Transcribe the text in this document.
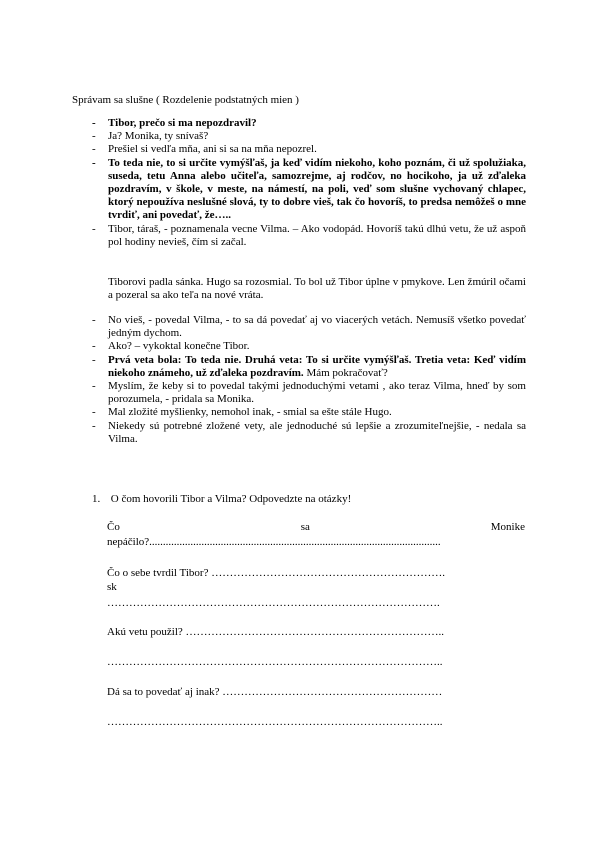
Správam sa slušne ( Rozdelenie podstatných mien )
- Tibor, prečo si ma nepozdravil?
- Ja? Monika, ty snívaš?
- Prešiel si vedľa mňa, ani si sa na mňa nepozrel.
- To teda nie, to si určite vymýšľaš, ja keď vidím niekoho, koho poznám, či už spolužiaka, suseda, tetu Anna alebo učiteľa, samozrejme, aj rodčov, no hocikoho, ja už zďaleka pozdravím, v škole, v meste, na námestí, na poli, veď som slušne vychovaný chlapec, ktorý nepoužíva neslušné slová, ty to dobre vieš, tak čo hovoríš, to predsa nemôžeš o mne tvrdiť, ani povedať, že…..
- Tibor, táraš, - poznamenala vecne Vilma. – Ako vodopád. Hovoríš takú dlhú vetu, že už aspoň pol hodiny nevieš, čím si začal.

Tiborovi padla sánka. Hugo sa rozosmial. To bol už Tibor úplne v pmykove. Len žmúril očami a pozeral sa ako teľa na nové vráta.

- No vieš, - povedal Vilma, - to sa dá povedať aj vo viacerých vetách. Nemusíš všetko povedať jedným dychom.
- Ako? – vykoktal konečne Tibor.
- Prvá veta bola: To teda nie. Druhá veta: To si určite vymýšľaš. Tretia veta: Keď vidím niekoho známeho, už zďaleka pozdravím. Mám pokračovať?
- Myslím, že keby si to povedal takými jednoduchými vetami , ako teraz Vilma, hneď by som porozumela, - pridala sa Monika.
- Mal zložité myšlienky, nemohol inak, - smial sa ešte stále Hugo.
- Niekedy sú potrebné zložené vety, ale jednoduché sú lepšie a zrozumiteľnejšie, - nedala sa Vilma.
1. O čom hovorili Tibor a Vilma? Odpovedzte na otázky!
Čo	sa	Monike
nepáčilo?..........................................................................................................
Čo o sebe tvrdil Tibor? ……………………………………………………….
sk
……………………………………………………………………………….
Akú vetu použil? ……………………………………………………………..
………………………………………………………………………………..
Dá sa to povedať aj inak? ……………………………………………………
………………………………………………………………………………..
